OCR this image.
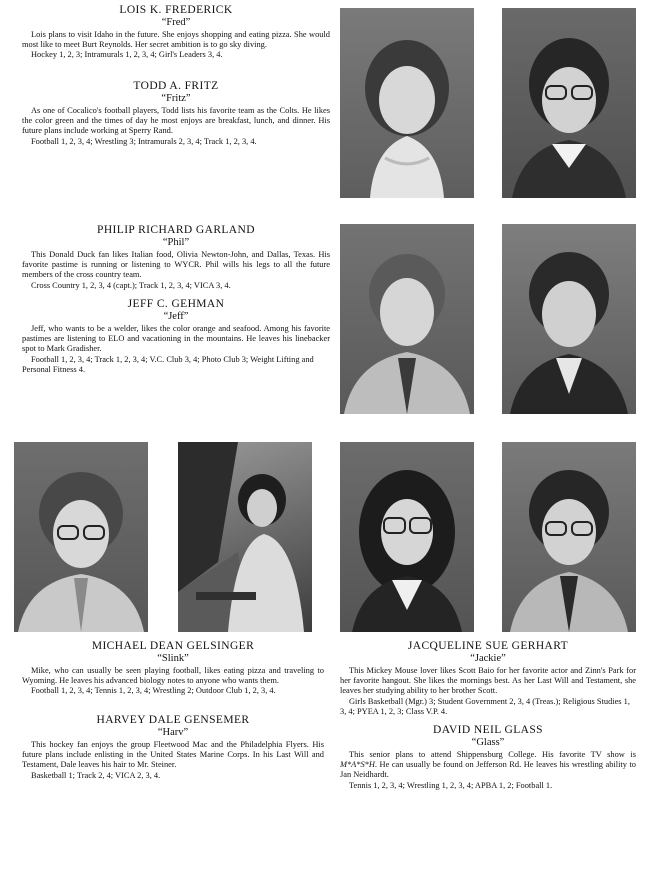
LOIS K. FREDERICK
“Fred”

Lois plans to visit Idaho in the future. She enjoys shopping and eating pizza. She would most like to meet Burt Reynolds. Her secret ambition is to go sky diving.

Hockey 1, 2, 3; Intramurals 1, 2, 3, 4; Girl's Leaders 3, 4.

TODD A. FRITZ
“Fritz”

As one of Cocalico's football players, Todd lists his favorite team as the Colts. He likes the color green and the times of day he most enjoys are breakfast, lunch, and dinner. His future plans include working at Sperry Rand.

Football 1, 2, 3, 4; Wrestling 3; Intramurals 2, 3, 4; Track 1, 2, 3, 4.

PHILIP RICHARD GARLAND
“Phil”

This Donald Duck fan likes Italian food, Olivia Newton-John, and Dallas, Texas. His favorite pastime is running or listening to WYCR. Phil wills his legs to all the future members of the cross country team.

Cross Country 1, 2, 3, 4 (capt.); Track 1, 2, 3, 4; VICA 3, 4.

JEFF C. GEHMAN
“Jeff”

Jeff, who wants to be a welder, likes the color orange and seafood. Among his favorite pastimes are listening to ELO and vacationing in the mountains. He leaves his linebacker spot to Mark Gradisher.

Football 1, 2, 3, 4; Track 1, 2, 3, 4; V.C. Club 3, 4; Photo Club 3; Weight Lifting and Personal Fitness 4.

MICHAEL DEAN GELSINGER
“Slink”

Mike, who can usually be seen playing football, likes eating pizza and traveling to Wyoming. He leaves his advanced biology notes to anyone who wants them.

Football 1, 2, 3, 4; Tennis 1, 2, 3, 4; Wrestling 2; Outdoor Club 1, 2, 3, 4.

HARVEY DALE GENSEMER
“Harv”

This hockey fan enjoys the group Fleetwood Mac and the Philadelphia Flyers. His future plans include enlisting in the United States Marine Corps. In his Last Will and Testament, Dale leaves his hair to Mr. Steiner.

Basketball 1; Track 2, 4; VICA 2, 3, 4.

JACQUELINE SUE GERHART
“Jackie”

This Mickey Mouse lover likes Scott Baio for her favorite actor and Zinn's Park for her favorite hangout. She likes the mornings best. As her Last Will and Testament, she leaves her studying ability to her brother Scott.

Girls Basketball (Mgr.) 3; Student Government 2, 3, 4 (Treas.); Religious Studies 1, 3, 4; PYEA 1, 2, 3; Class V.P. 4.

DAVID NEIL GLASS
“Glass”

This senior plans to attend Shippensburg College. His favorite TV show is M*A*S*H. He can usually be found on Jefferson Rd. He leaves his wrestling ability to Jan Neidhardt.

Tennis 1, 2, 3, 4; Wrestling 1, 2, 3, 4; APBA 1, 2; Football 1.
